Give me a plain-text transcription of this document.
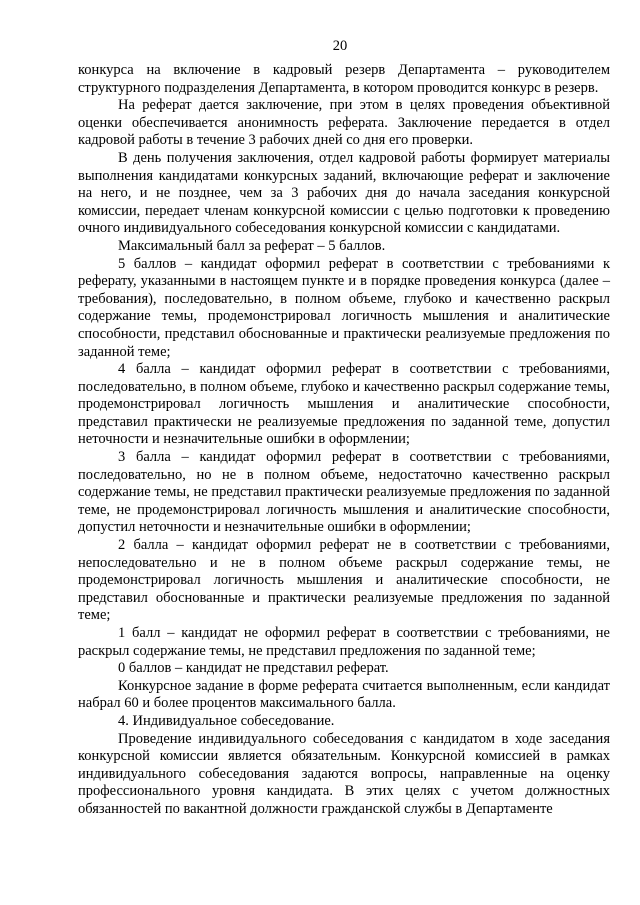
20

конкурса на включение в кадровый резерв Департамента – руководителем структурного подразделения Департамента, в котором проводится конкурс в резерв.

На реферат дается заключение, при этом в целях проведения объективной оценки обеспечивается анонимность реферата. Заключение передается в отдел кадровой работы в течение 3 рабочих дней со дня его проверки.

В день получения заключения, отдел кадровой работы формирует материалы выполнения кандидатами конкурсных заданий, включающие реферат и заключение на него, и не позднее, чем за 3 рабочих дня до начала заседания конкурсной комиссии, передает членам конкурсной комиссии с целью подготовки к проведению очного индивидуального собеседования конкурсной комиссии с кандидатами.

Максимальный балл за реферат – 5 баллов.

5 баллов – кандидат оформил реферат в соответствии с требованиями к реферату, указанными в настоящем пункте и в порядке проведения конкурса (далее – требования), последовательно, в полном объеме, глубоко и качественно раскрыл содержание темы, продемонстрировал логичность мышления и аналитические способности, представил обоснованные и практически реализуемые предложения по заданной теме;

4 балла – кандидат оформил реферат в соответствии с требованиями, последовательно, в полном объеме, глубоко и качественно раскрыл содержание темы, продемонстрировал логичность мышления и аналитические способности, представил практически не реализуемые предложения по заданной теме, допустил неточности и незначительные ошибки в оформлении;

3 балла – кандидат оформил реферат в соответствии с требованиями, последовательно, но не в полном объеме, недостаточно качественно раскрыл содержание темы, не представил практически реализуемые предложения по заданной теме, не продемонстрировал логичность мышления и аналитические способности, допустил неточности и незначительные ошибки в оформлении;

2 балла – кандидат оформил реферат не в соответствии с требованиями, непоследовательно и не в полном объеме раскрыл содержание темы, не продемонстрировал логичность мышления и аналитические способности, не представил обоснованные и практически реализуемые предложения по заданной теме;

1 балл – кандидат не оформил реферат в соответствии с требованиями, не раскрыл содержание темы, не представил предложения по заданной теме;

0 баллов – кандидат не представил реферат.

Конкурсное задание в форме реферата считается выполненным, если кандидат набрал 60 и более процентов максимального балла.

4. Индивидуальное собеседование.

Проведение индивидуального собеседования с кандидатом в ходе заседания конкурсной комиссии является обязательным. Конкурсной комиссией в рамках индивидуального собеседования задаются вопросы, направленные на оценку профессионального уровня кандидата. В этих целях с учетом должностных обязанностей по вакантной должности гражданской службы в Департаменте
